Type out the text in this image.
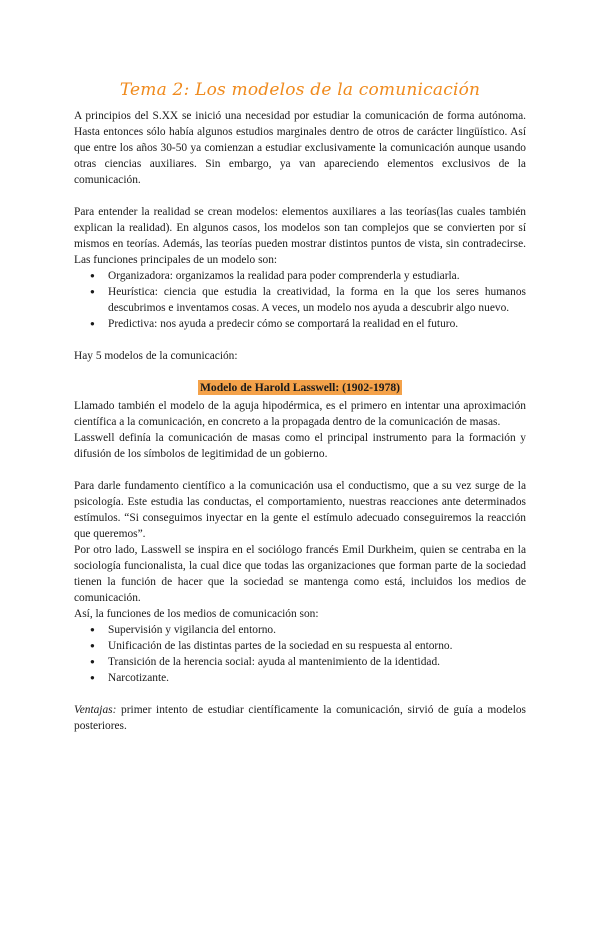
Tema 2: Los modelos de la comunicación

A principios del S.XX se inició una necesidad por estudiar la comunicación de forma autónoma. Hasta entonces sólo había algunos estudios marginales dentro de otros de carácter lingüístico. Así que entre los años 30-50 ya comienzan a estudiar exclusivamente la comunicación aunque usando otras ciencias auxiliares. Sin embargo, ya van apareciendo elementos exclusivos de la comunicación.

Para entender la realidad se crean modelos: elementos auxiliares a las teorías(las cuales también explican la realidad). En algunos casos, los modelos son tan complejos que se convierten por sí mismos en teorías. Además, las teorías pueden mostrar distintos puntos de vista, sin contradecirse. Las funciones principales de un modelo son:

● Organizadora: organizamos la realidad para poder comprenderla y estudiarla.
● Heurística: ciencia que estudia la creatividad, la forma en la que los seres humanos descubrimos e inventamos cosas. A veces, un modelo nos ayuda a descubrir algo nuevo.
● Predictiva: nos ayuda a predecir cómo se comportará la realidad en el futuro.

Hay 5 modelos de la comunicación:

Modelo de Harold Lasswell: (1902-1978)

Llamado también el modelo de la aguja hipodérmica, es el primero en intentar una aproximación científica a la comunicación, en concreto a la propagada dentro de la comunicación de masas.

Lasswell definía la comunicación de masas como el principal instrumento para la formación y difusión de los símbolos de legitimidad de un gobierno.

Para darle fundamento científico a la comunicación usa el conductismo, que a su vez surge de la psicología. Este estudia las conductas, el comportamiento, nuestras reacciones ante determinados estímulos. “Si conseguimos inyectar en la gente el estímulo adecuado conseguiremos la reacción que queremos”.

Por otro lado, Lasswell se inspira en el sociólogo francés Emil Durkheim, quien se centraba en la sociología funcionalista, la cual dice que todas las organizaciones que forman parte de la sociedad tienen la función de hacer que la sociedad se mantenga como está, incluidos los medios de comunicación.

Así, la funciones de los medios de comunicación son:

● Supervisión y vigilancia del entorno.
● Unificación de las distintas partes de la sociedad en su respuesta al entorno.
● Transición de la herencia social: ayuda al mantenimiento de la identidad.
● Narcotizante.

Ventajas: primer intento de estudiar científicamente la comunicación, sirvió de guía a modelos posteriores.
